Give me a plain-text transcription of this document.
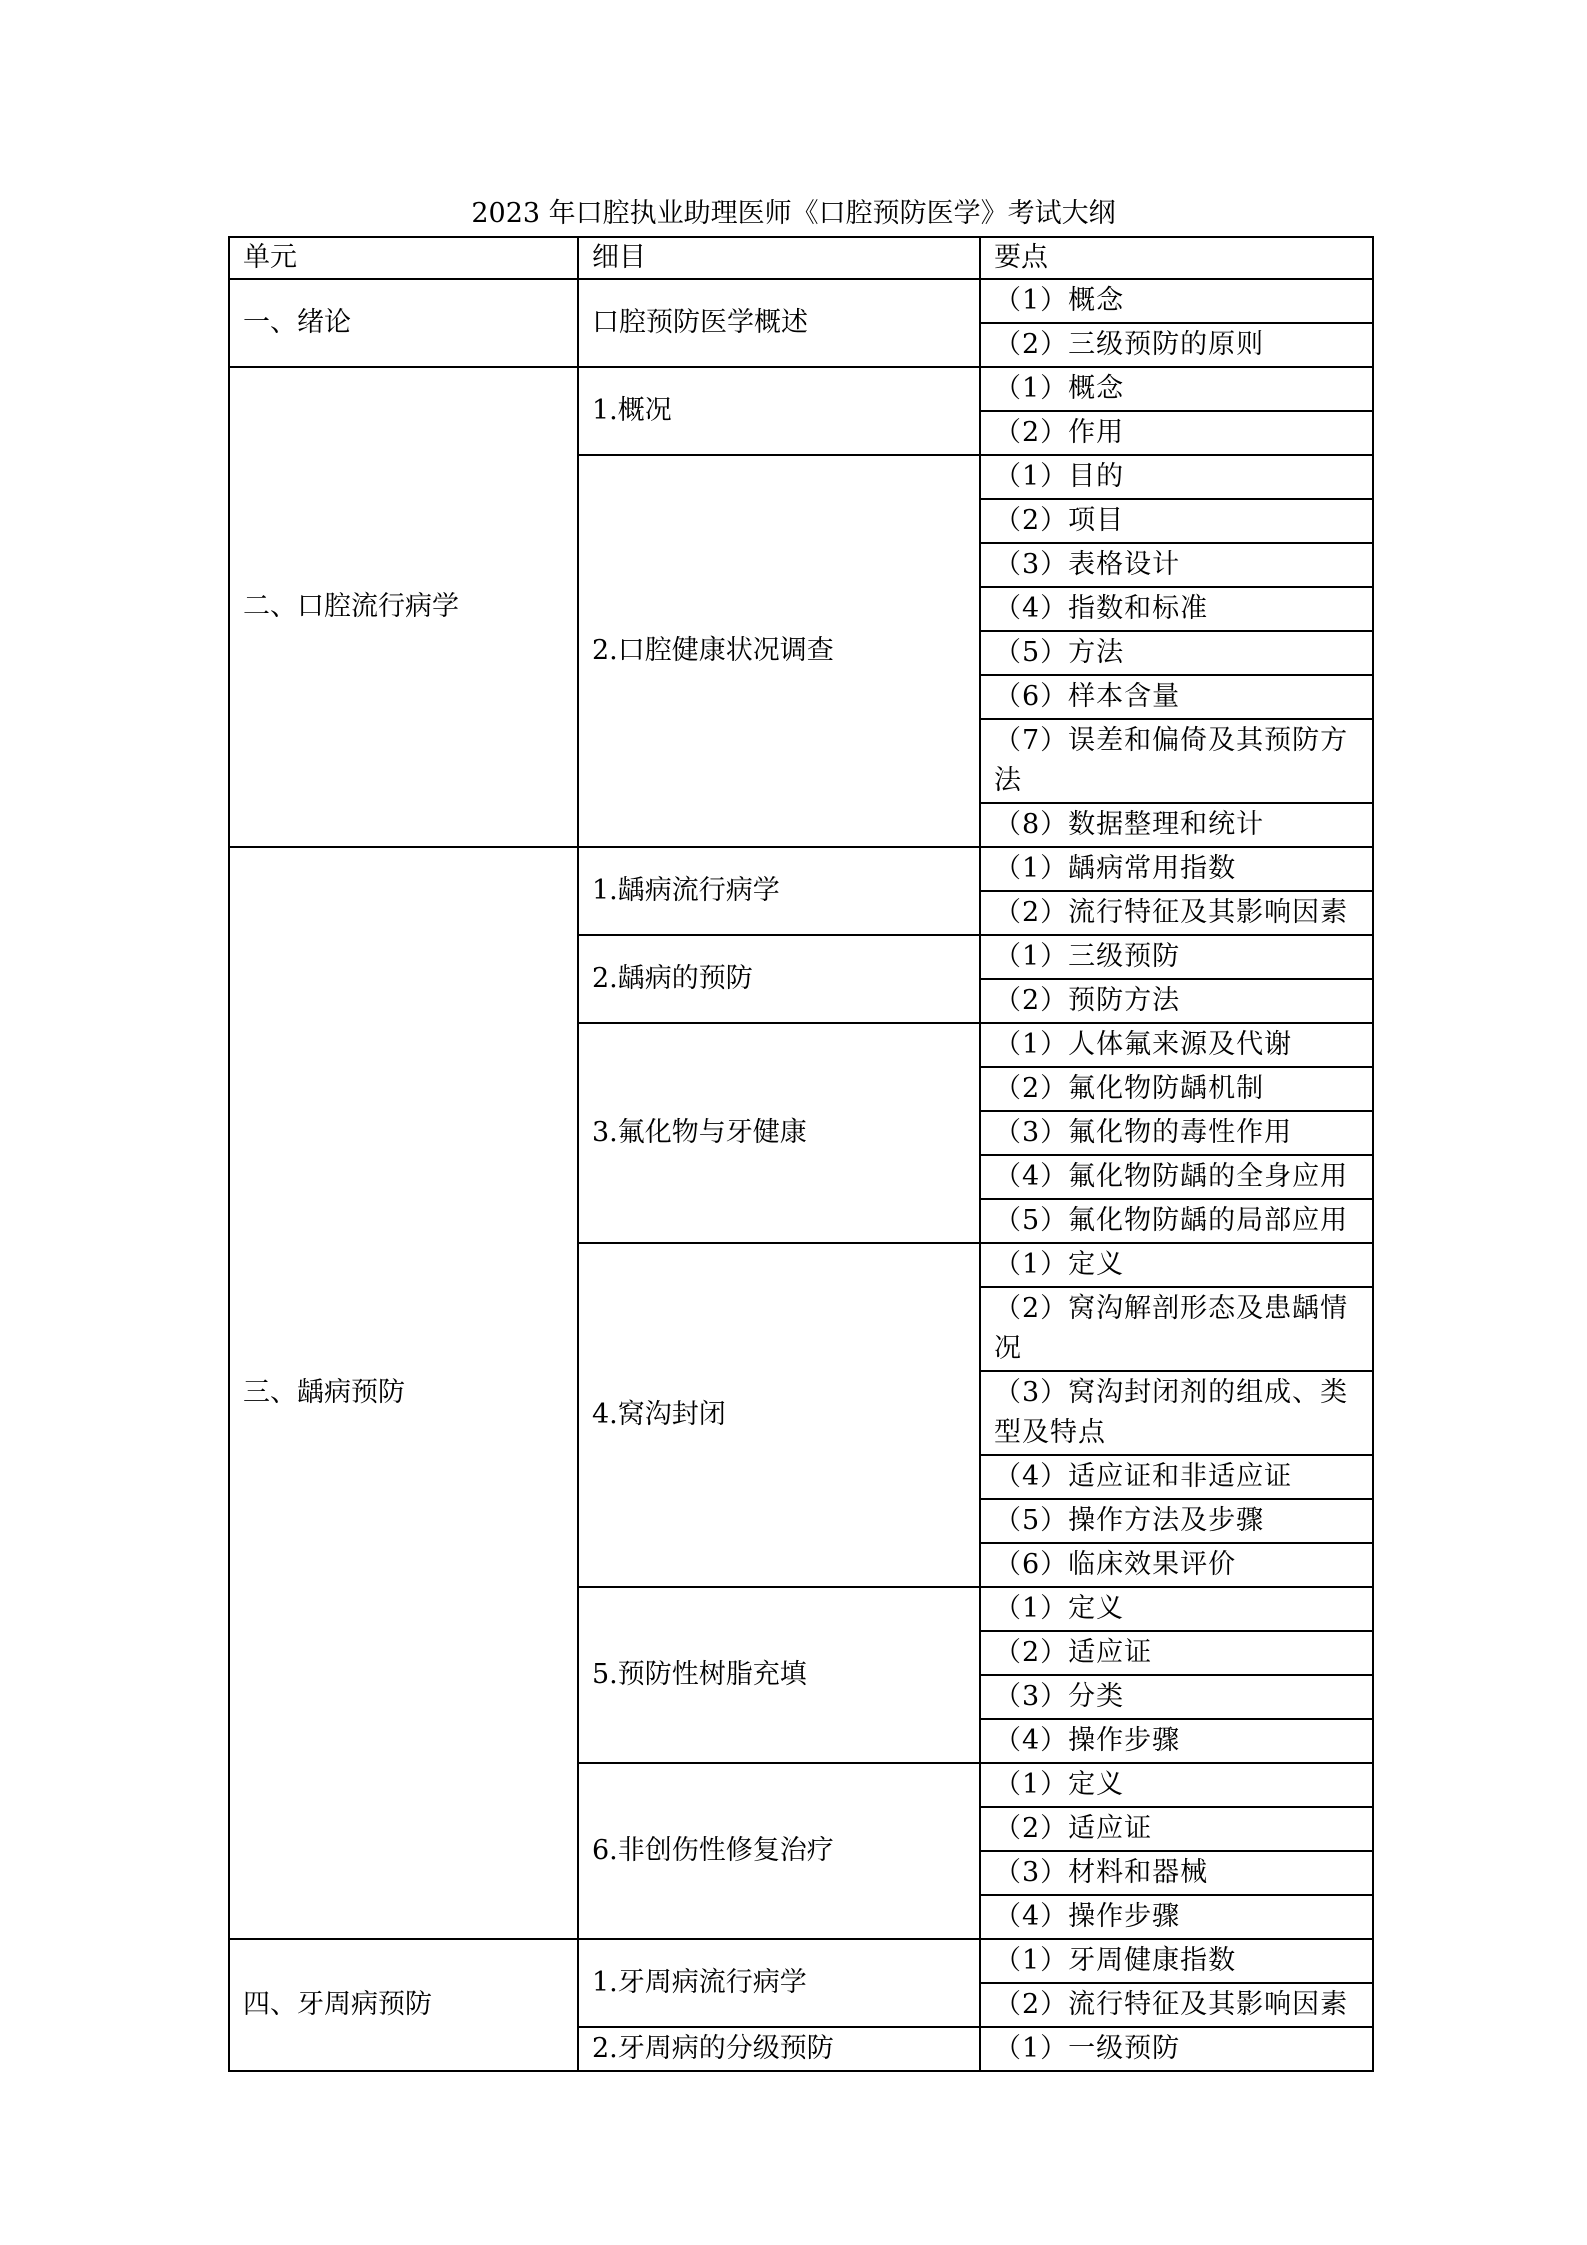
2023 年口腔执业助理医师《口腔预防医学》考试大纲
单元	细目	要点
一、绪论	口腔预防医学概述	（1）概念
		（2）三级预防的原则
二、口腔流行病学	1.概况	（1）概念
		（2）作用
	2.口腔健康状况调查	（1）目的
		（2）项目
		（3）表格设计
		（4）指数和标准
		（5）方法
		（6）样本含量
		（7）误差和偏倚及其预防方法
		（8）数据整理和统计
三、龋病预防	1.龋病流行病学	（1）龋病常用指数
		（2）流行特征及其影响因素
	2.龋病的预防	（1）三级预防
		（2）预防方法
	3.氟化物与牙健康	（1）人体氟来源及代谢
		（2）氟化物防龋机制
		（3）氟化物的毒性作用
		（4）氟化物防龋的全身应用
		（5）氟化物防龋的局部应用
	4.窝沟封闭	（1）定义
		（2）窝沟解剖形态及患龋情况
		（3）窝沟封闭剂的组成、类型及特点
		（4）适应证和非适应证
		（5）操作方法及步骤
		（6）临床效果评价
	5.预防性树脂充填	（1）定义
		（2）适应证
		（3）分类
		（4）操作步骤
	6.非创伤性修复治疗	（1）定义
		（2）适应证
		（3）材料和器械
		（4）操作步骤
四、牙周病预防	1.牙周病流行病学	（1）牙周健康指数
		（2）流行特征及其影响因素
	2.牙周病的分级预防	（1）一级预防
